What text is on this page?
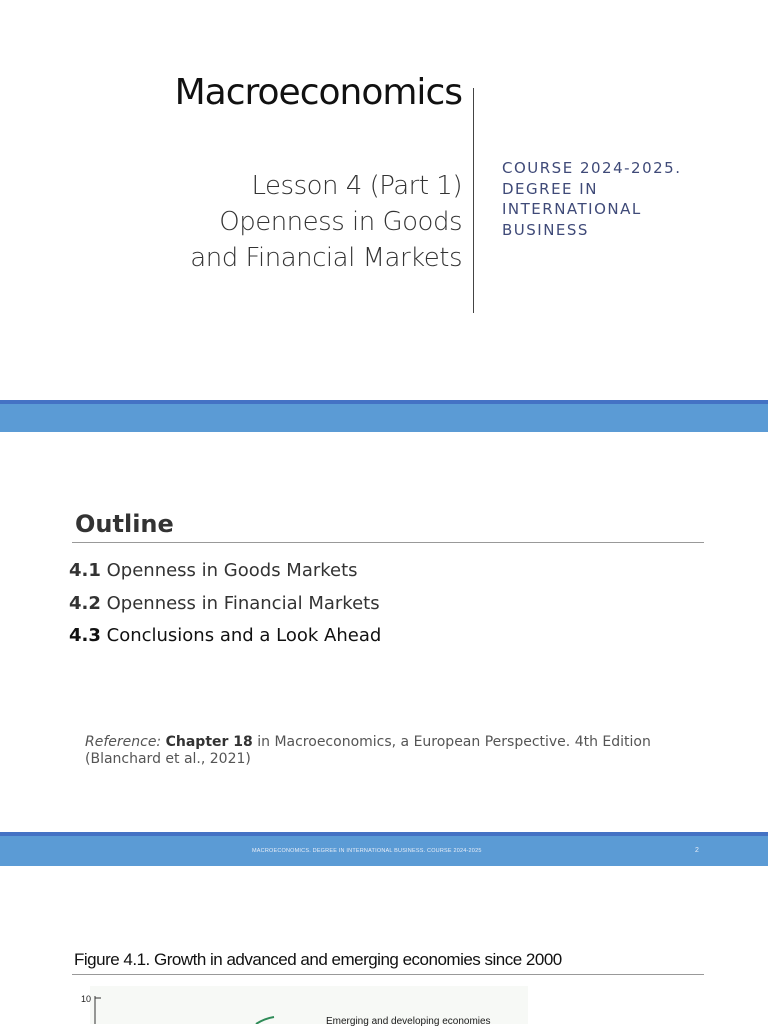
Macroeconomics
Lesson 4 (Part 1)
Openness in Goods
and Financial Markets
COURSE 2024-2025.
DEGREE IN
INTERNATIONAL
BUSINESS
Outline
4.1 Openness in Goods Markets
4.2 Openness in Financial Markets
4.3 Conclusions and a Look Ahead
Reference: Chapter 18 in Macroeconomics, a European Perspective. 4th Edition
(Blanchard et al., 2021)
MACROECONOMICS. DEGREE IN INTERNATIONAL BUSINESS. COURSE 2024-2025	2
Figure 4.1. Growth in advanced and emerging economies since 2000
10
Emerging and developing economies
